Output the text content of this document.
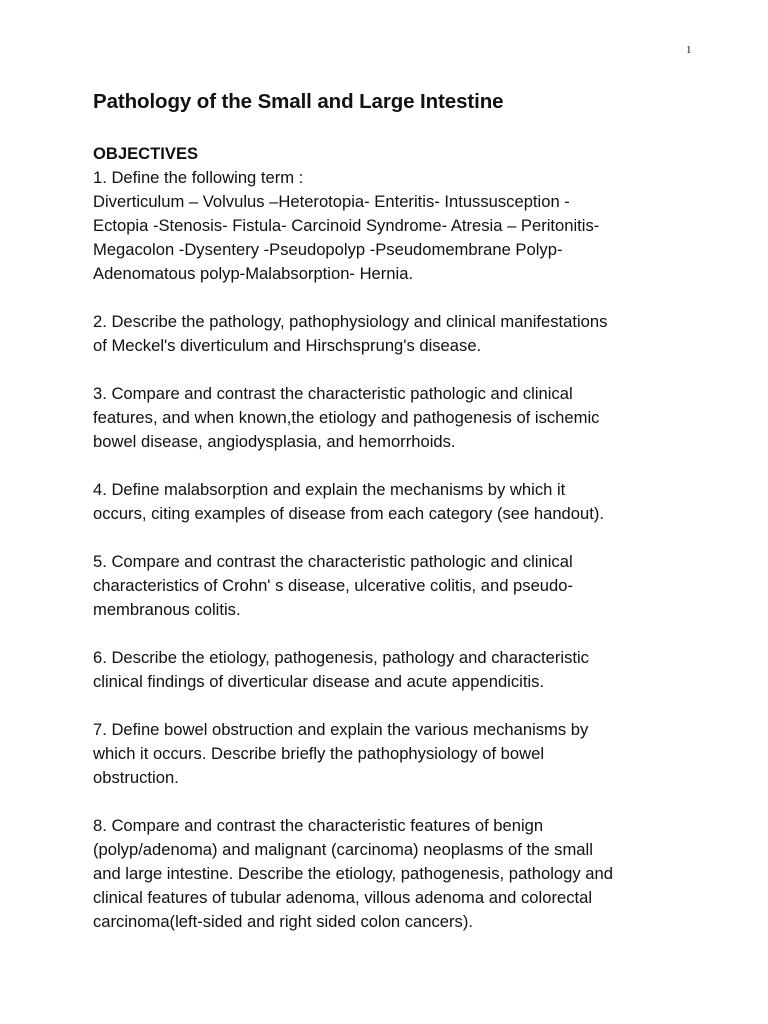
1
Pathology of the Small and Large Intestine

OBJECTIVES

1. Define the following term :
Diverticulum – Volvulus –Heterotopia- Enteritis- Intussusception -
Ectopia -Stenosis- Fistula- Carcinoid Syndrome- Atresia – Peritonitis-
Megacolon -Dysentery -Pseudopolyp -Pseudomembrane Polyp-
Adenomatous polyp-Malabsorption- Hernia.

2. Describe the pathology, pathophysiology and clinical manifestations
of Meckel's diverticulum and Hirschsprung's disease.

3. Compare and contrast the characteristic pathologic and clinical
features, and when known,the etiology and pathogenesis of ischemic
bowel disease, angiodysplasia, and hemorrhoids.

4. Define malabsorption and explain the mechanisms by which it
occurs, citing examples of disease from each category (see handout).

5. Compare and contrast the characteristic pathologic and clinical
characteristics of Crohn' s disease, ulcerative colitis, and pseudo-
membranous colitis.

6. Describe the etiology, pathogenesis, pathology and characteristic
clinical findings of diverticular disease and acute appendicitis.

7. Define bowel obstruction and explain the various mechanisms by
which it occurs. Describe briefly the pathophysiology of bowel
obstruction.

8. Compare and contrast the characteristic features of benign
(polyp/adenoma) and malignant (carcinoma) neoplasms of the small
and large intestine. Describe the etiology, pathogenesis, pathology and
clinical features of tubular adenoma, villous adenoma and colorectal
carcinoma(left-sided and right sided colon cancers).
